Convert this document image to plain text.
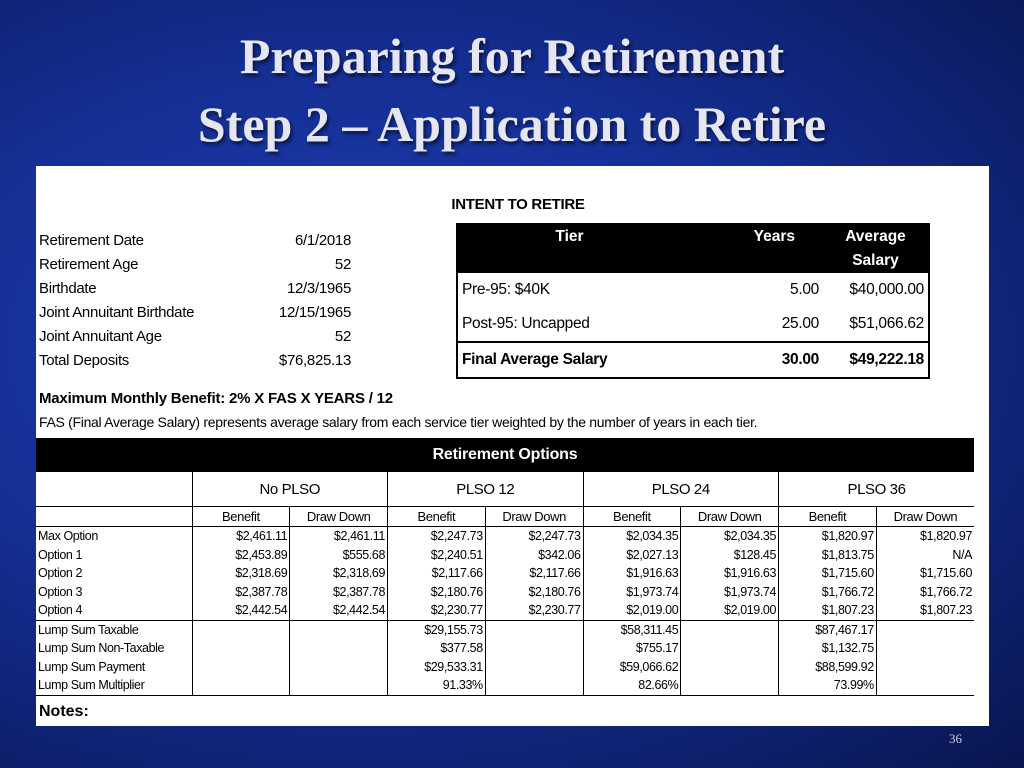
Preparing for Retirement
Step 2 – Application to Retire
INTENT TO RETIRE
Retirement Date	6/1/2018
Retirement Age	52
Birthdate	12/3/1965
Joint Annuitant Birthdate	12/15/1965
Joint Annuitant Age	52
Total Deposits	$76,825.13
Tier	Years	Average
Salary
Pre-95: $40K	5.00	$40,000.00
Post-95: Uncapped	25.00	$51,066.62
Final Average Salary	30.00	$49,222.18
Maximum Monthly Benefit: 2% X FAS X YEARS / 12
FAS (Final Average Salary) represents average salary from each service tier weighted by the number of years in each tier.
Retirement Options
	No PLSO		PLSO 12		PLSO 24		PLSO 36	
	Benefit	Draw Down	Benefit	Draw Down	Benefit	Draw Down	Benefit	Draw Down
Max Option	$2,461.11	$2,461.11	$2,247.73	$2,247.73	$2,034.35	$2,034.35	$1,820.97	$1,820.97
Option 1	$2,453.89	$555.68	$2,240.51	$342.06	$2,027.13	$128.45	$1,813.75	N/A
Option 2	$2,318.69	$2,318.69	$2,117.66	$2,117.66	$1,916.63	$1,916.63	$1,715.60	$1,715.60
Option 3	$2,387.78	$2,387.78	$2,180.76	$2,180.76	$1,973.74	$1,973.74	$1,766.72	$1,766.72
Option 4	$2,442.54	$2,442.54	$2,230.77	$2,230.77	$2,019.00	$2,019.00	$1,807.23	$1,807.23
Lump Sum Taxable			$29,155.73		$58,311.45		$87,467.17	
Lump Sum Non-Taxable			$377.58		$755.17		$1,132.75	
Lump Sum Payment			$29,533.31		$59,066.62		$88,599.92	
Lump Sum Multiplier			91.33%		82.66%		73.99%	
Notes:
36
